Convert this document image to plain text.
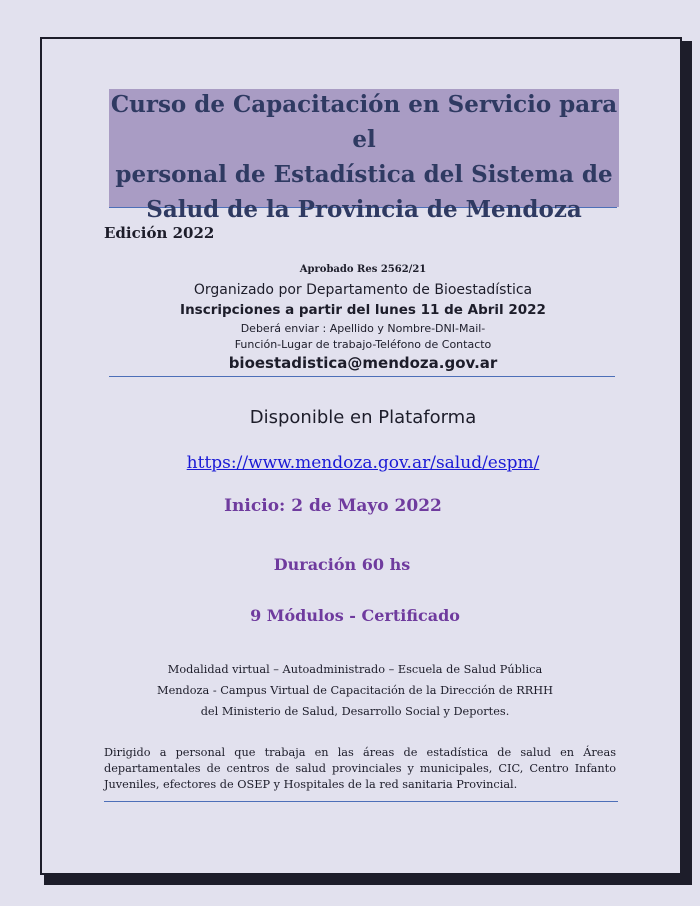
Curso de Capacitación en Servicio para el
personal de Estadística del Sistema de
Salud de la Provincia de Mendoza
Edición 2022
Aprobado Res 2562/21
Organizado por Departamento de Bioestadística
Inscripciones a partir del lunes 11 de Abril 2022
Deberá enviar : Apellido y Nombre-DNI-Mail-
Función-Lugar de trabajo-Teléfono de Contacto
bioestadistica@mendoza.gov.ar
Disponible en Plataforma
https://www.mendoza.gov.ar/salud/espm/
Inicio: 2 de Mayo 2022
Duración 60 hs
9 Módulos - Certificado
Modalidad virtual – Autoadministrado – Escuela de Salud Pública
Mendoza - Campus Virtual de Capacitación de la Dirección de RRHH
del Ministerio de Salud, Desarrollo Social y Deportes.
Dirigido a personal que trabaja en las áreas de estadística de salud en Áreas departamentales de centros de salud provinciales y municipales, CIC, Centro Infanto Juveniles, efectores de OSEP y Hospitales de la red sanitaria Provincial.
